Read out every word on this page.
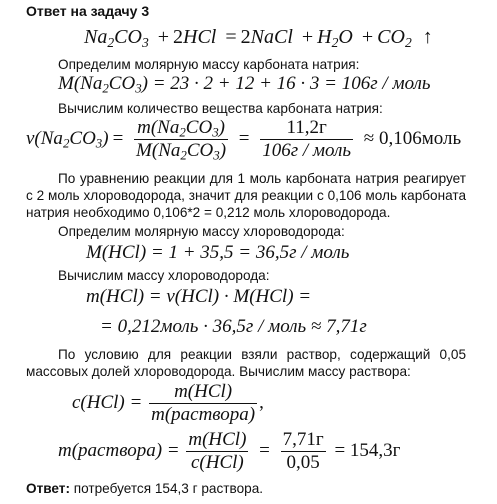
Ответ на задачу 3
$Na_2CO_3 + 2HCl$ = 2NaCl + $H_2O + CO_2$ ↑
Определим молярную массу карбоната натрия:
$M(Na_2CO_3) = 23 \cdot 2 + 12 + 16 \cdot 3 = 106г$ / моль
Вычислим количество вещества карбоната натрия:
$\nu(Na_2CO_3) = \frac{m(Na_2CO_3)}{M(Na_2CO_3)} = \frac{11,2г}{\text{106г / моль}}$ ≈ 0,106моль
По уравнению реакции для 1 моль карбоната натрия реагирует с 2 моль хлороводорода, значит для реакции с 0,106 моль карбоната натрия необходимо 0,106*2 = 0,212 моль хлороводорода.
Определим молярную массу хлороводорода:
M(HCl) = 1 + 35,5 = 36,5г / моль
Вычислим массу хлороводорода:
m(HCl) = ν(HCl) · M(HCl) =
= 0,212моль · 36,5г / моль ≈ 7,71г
По условию для реакции взяли раствор, содержащий 0,05 массовых долей хлороводорода. Вычислим массу раствора:
$c(HCl) = \frac{\text{m(HCl)}}{\text{m(раствора)}}$ ,
m(раствора) = $\frac{\text{m(HCl)}}{\text{c(HCl)}} = \frac{7,71г}{0,05} = 154,3г$
Ответ: потребуется 154,3 г раствора.
